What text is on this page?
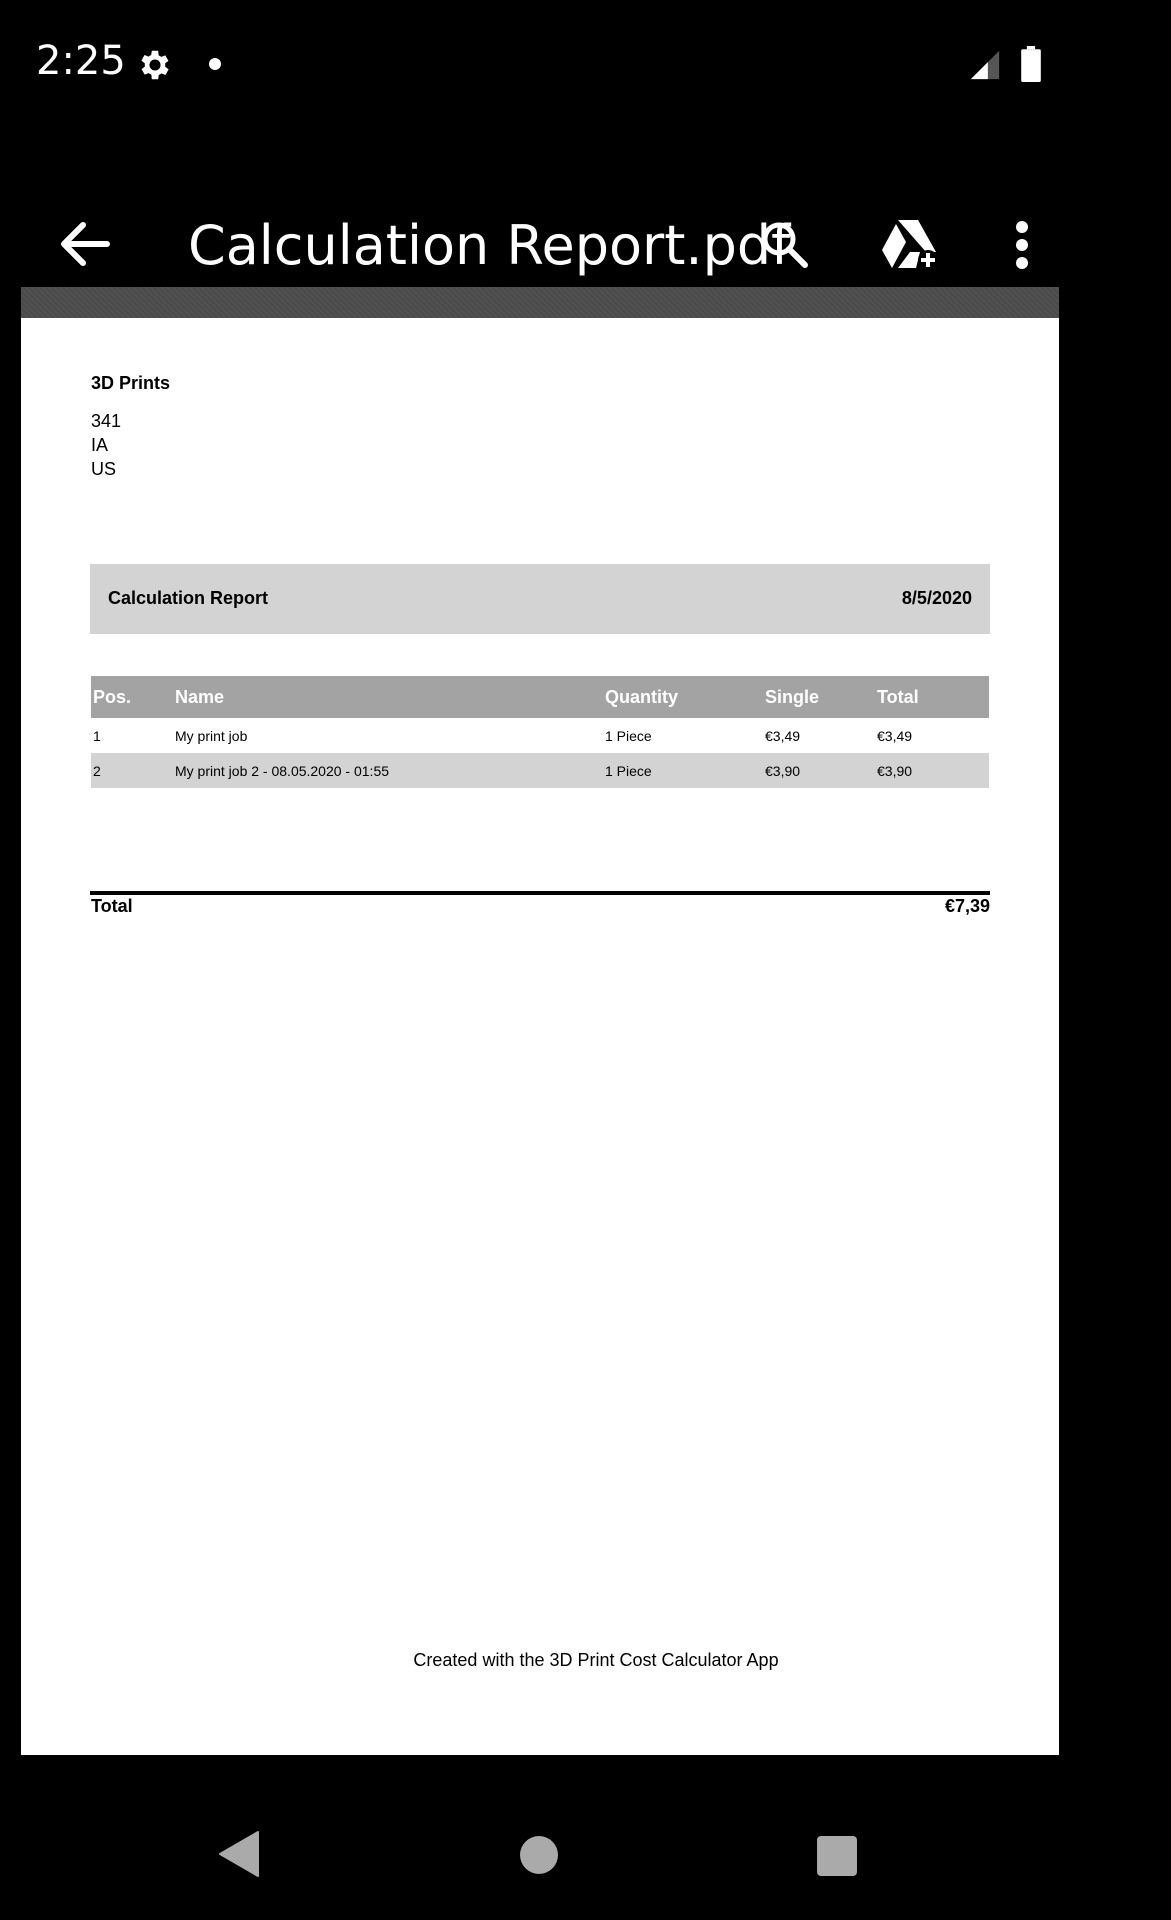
2:25
Calculation Report.pdf
3D Prints
341
IA
US
Calculation Report	8/5/2020
Pos.	Name	Quantity	Single	Total
1	My print job	1 Piece	€3,49	€3,49
2	My print job 2 - 08.05.2020 - 01:55	1 Piece	€3,90	€3,90
Total	€7,39
Created with the 3D Print Cost Calculator App
